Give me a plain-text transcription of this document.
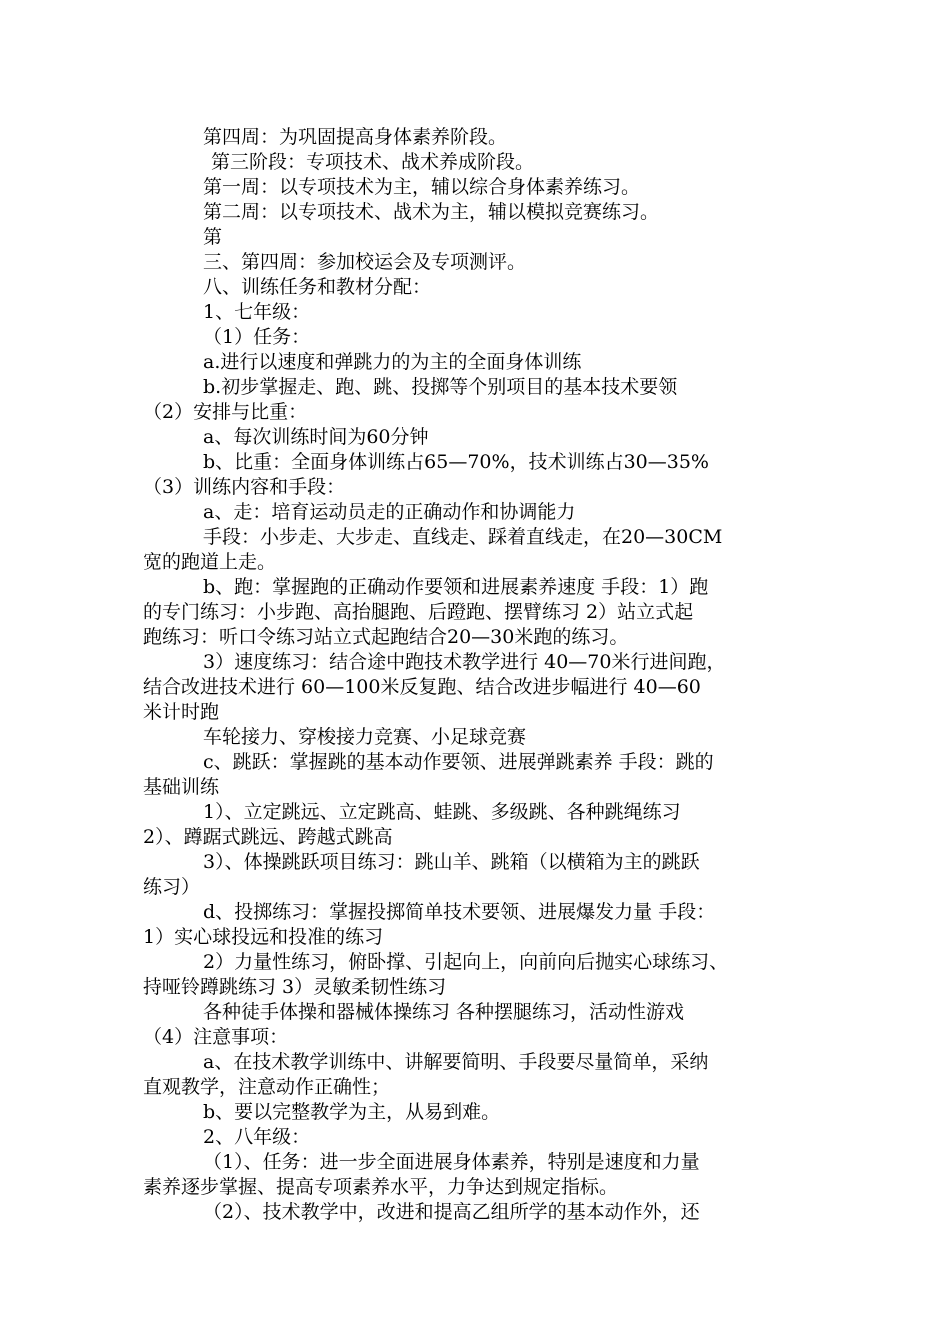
第四周：为巩固提高身体素养阶段。
第三阶段：专项技术、战术养成阶段。
第一周：以专项技术为主，辅以综合身体素养练习。
第二周：以专项技术、战术为主，辅以模拟竞赛练习。
第
三、第四周：参加校运会及专项测评。
八、训练任务和教材分配：
1、七年级：
（1）任务：
a.进行以速度和弹跳力的为主的全面身体训练
b.初步掌握走、跑、跳、投掷等个别项目的基本技术要领
（2）安排与比重：
a、每次训练时间为60分钟
b、比重：全面身体训练占65—70%，技术训练占30—35%
（3）训练内容和手段：
a、走：培育运动员走的正确动作和协调能力
手段：小步走、大步走、直线走、踩着直线走，在20—30CM
宽的跑道上走。
b、跑：掌握跑的正确动作要领和进展素养速度 手段：1）跑
的专门练习：小步跑、高抬腿跑、后蹬跑、摆臂练习 2）站立式起
跑练习：听口令练习站立式起跑结合20—30米跑的练习。
3）速度练习：结合途中跑技术教学进行 40—70米行进间跑，
结合改进技术进行 60—100米反复跑、结合改进步幅进行 40—60
米计时跑
车轮接力、穿梭接力竞赛、小足球竞赛
c、跳跃：掌握跳的基本动作要领、进展弹跳素养 手段：跳的
基础训练
1）、立定跳远、立定跳高、蛙跳、多级跳、各种跳绳练习
2）、蹲踞式跳远、跨越式跳高
3）、体操跳跃项目练习：跳山羊、跳箱（以横箱为主的跳跃
练习）
d、投掷练习：掌握投掷简单技术要领、进展爆发力量 手段：
1）实心球投远和投准的练习
2）力量性练习，俯卧撑、引起向上，向前向后抛实心球练习、
持哑铃蹲跳练习 3）灵敏柔韧性练习
各种徒手体操和器械体操练习 各种摆腿练习，活动性游戏
（4）注意事项：
a、在技术教学训练中、讲解要简明、手段要尽量简单，采纳
直观教学，注意动作正确性；
b、要以完整教学为主，从易到难。
2、八年级：
（1）、任务：进一步全面进展身体素养，特别是速度和力量
素养逐步掌握、提高专项素养水平，力争达到规定指标。
（2）、技术教学中，改进和提高乙组所学的基本动作外，还
